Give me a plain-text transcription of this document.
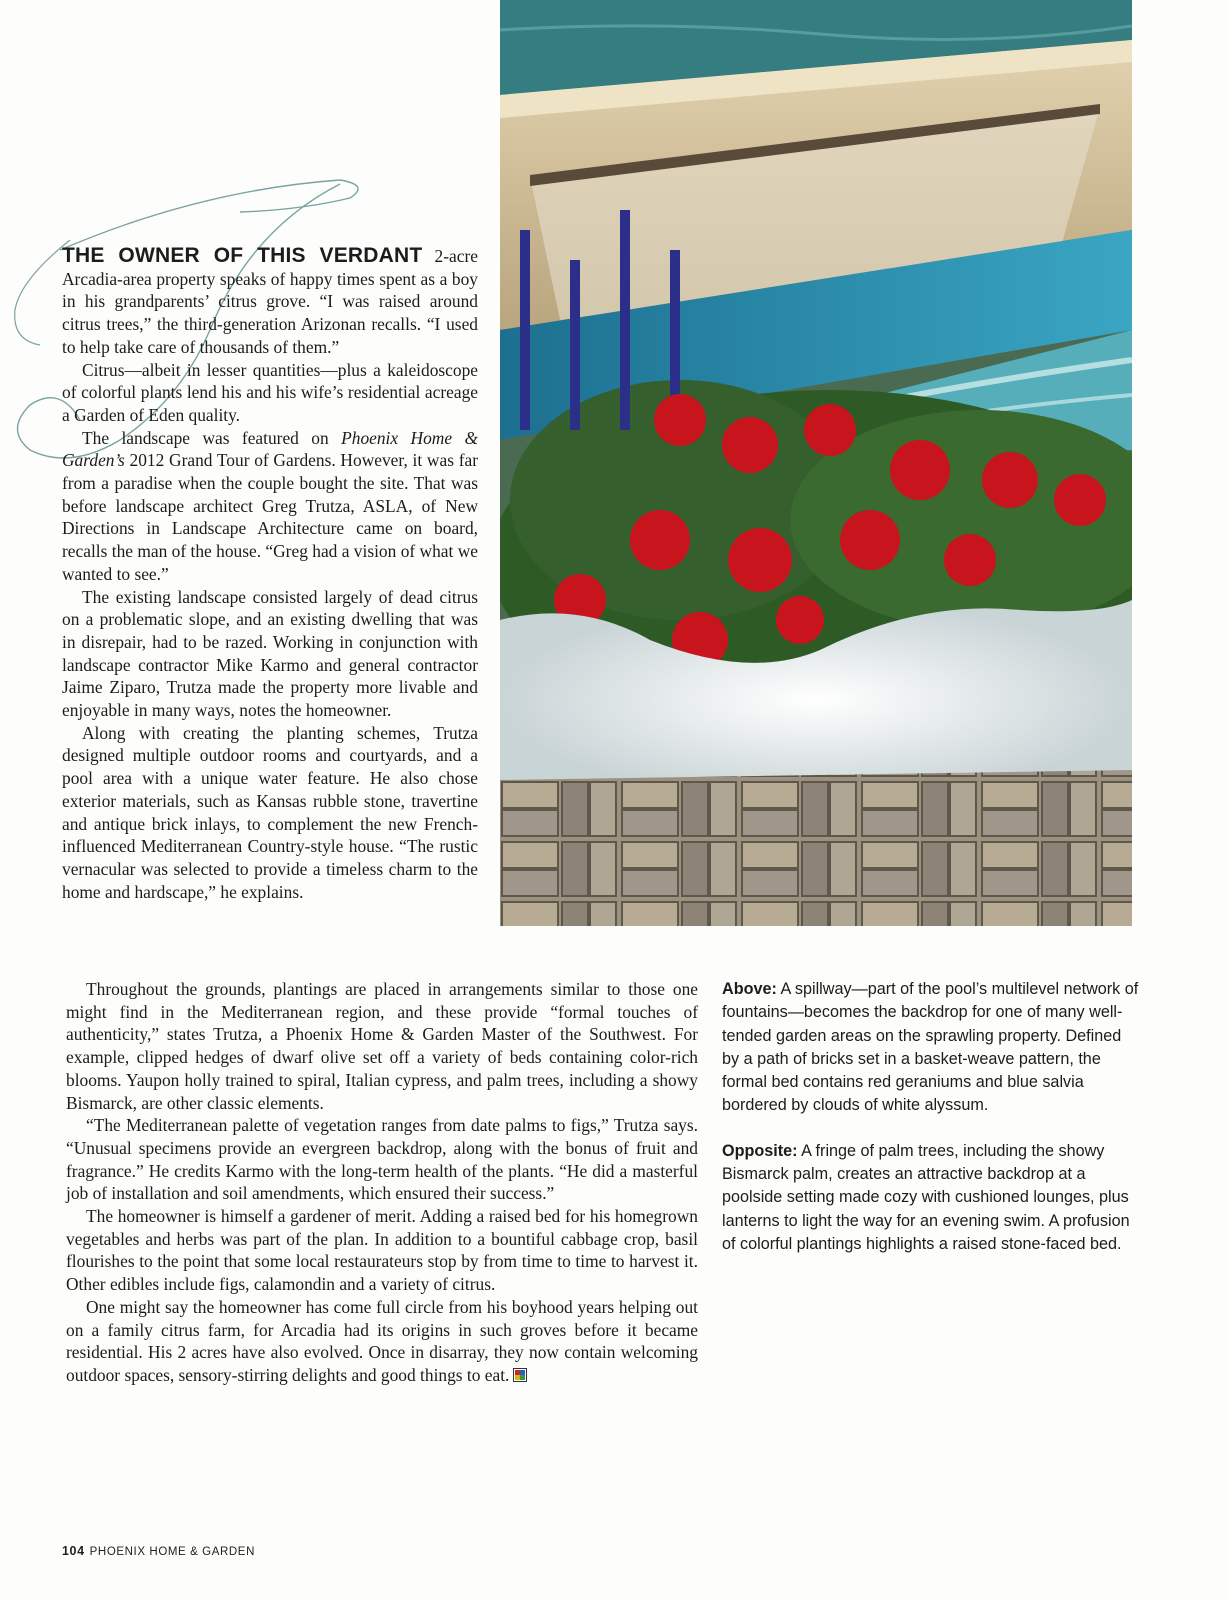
THE OWNER OF THIS VERDANT 2-acre Arcadia-area property speaks of happy times spent as a boy in his grandparents’ citrus grove. “I was raised around citrus trees,” the third-generation Arizonan recalls. “I used to help take care of thousands of them.”

Citrus—albeit in lesser quantities—plus a kaleidoscope of colorful plants lend his and his wife’s residential acreage a Garden of Eden quality.

The landscape was featured on Phoenix Home & Garden’s 2012 Grand Tour of Gardens. However, it was far from a paradise when the couple bought the site. That was before landscape architect Greg Trutza, ASLA, of New Directions in Landscape Architecture came on board, recalls the man of the house. “Greg had a vision of what we wanted to see.”

The existing landscape consisted largely of dead citrus on a problematic slope, and an existing dwelling that was in disrepair, had to be razed. Working in conjunction with landscape contractor Mike Karmo and general contractor Jaime Ziparo, Trutza made the property more livable and enjoyable in many ways, notes the homeowner.

Along with creating the planting schemes, Trutza designed multiple outdoor rooms and courtyards, and a pool area with a unique water feature. He also chose exterior materials, such as Kansas rubble stone, travertine and antique brick inlays, to complement the new French-influenced Mediterranean Country-style house. “The rustic vernacular was selected to provide a timeless charm to the home and hardscape,” he explains.

Throughout the grounds, plantings are placed in arrangements similar to those one might find in the Mediterranean region, and these provide “formal touches of authenticity,” states Trutza, a Phoenix Home & Garden Master of the Southwest. For example, clipped hedges of dwarf olive set off a variety of beds containing color-rich blooms. Yaupon holly trained to spiral, Italian cypress, and palm trees, including a showy Bismarck, are other classic elements.

“The Mediterranean palette of vegetation ranges from date palms to figs,” Trutza says. “Unusual specimens provide an evergreen backdrop, along with the bonus of fruit and fragrance.” He credits Karmo with the long-term health of the plants. “He did a masterful job of installation and soil amendments, which ensured their success.”

The homeowner is himself a gardener of merit. Adding a raised bed for his homegrown vegetables and herbs was part of the plan. In addition to a bountiful cabbage crop, basil flourishes to the point that some local restaurateurs stop by from time to time to harvest it. Other edibles include figs, calamondin and a variety of citrus.

One might say the homeowner has come full circle from his boyhood years helping out on a family citrus farm, for Arcadia had its origins in such groves before it became residential. His 2 acres have also evolved. Once in disarray, they now contain welcoming outdoor spaces, sensory-stirring delights and good things to eat.

Above: A spillway—part of the pool’s multilevel network of fountains—becomes the backdrop for one of many well-tended garden areas on the sprawling property. Defined by a path of bricks set in a basket-weave pattern, the formal bed contains red geraniums and blue salvia bordered by clouds of white alyssum.

Opposite: A fringe of palm trees, including the showy Bismarck palm, creates an attractive backdrop at a poolside setting made cozy with cushioned lounges, plus lanterns to light the way for an evening swim. A profusion of colorful plantings highlights a raised stone-faced bed.

104 PHOENIX HOME & GARDEN
